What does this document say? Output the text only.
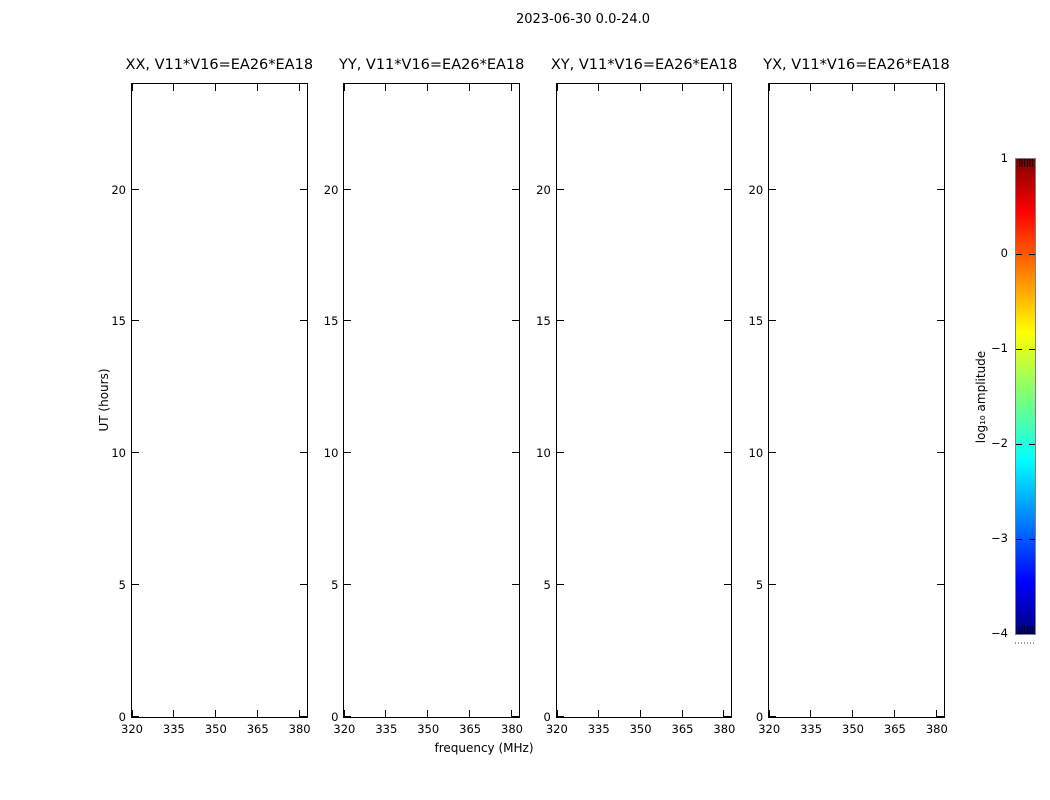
2023-06-30 0.0-24.0
UT (hours)
frequency (MHz)
XX, V11*V16=EA26*EA18
320	335	350	365	380
0
5
10
15
20
YY, V11*V16=EA26*EA18
320	335	350	365	380
0
5
10
15
20
XY, V11*V16=EA26*EA18
320	335	350	365	380
0
5
10
15
20
YX, V11*V16=EA26*EA18
320	335	350	365	380
0
5
10
15
20
1
0
−1
−2
−3
−4
log₁₀ amplitude
